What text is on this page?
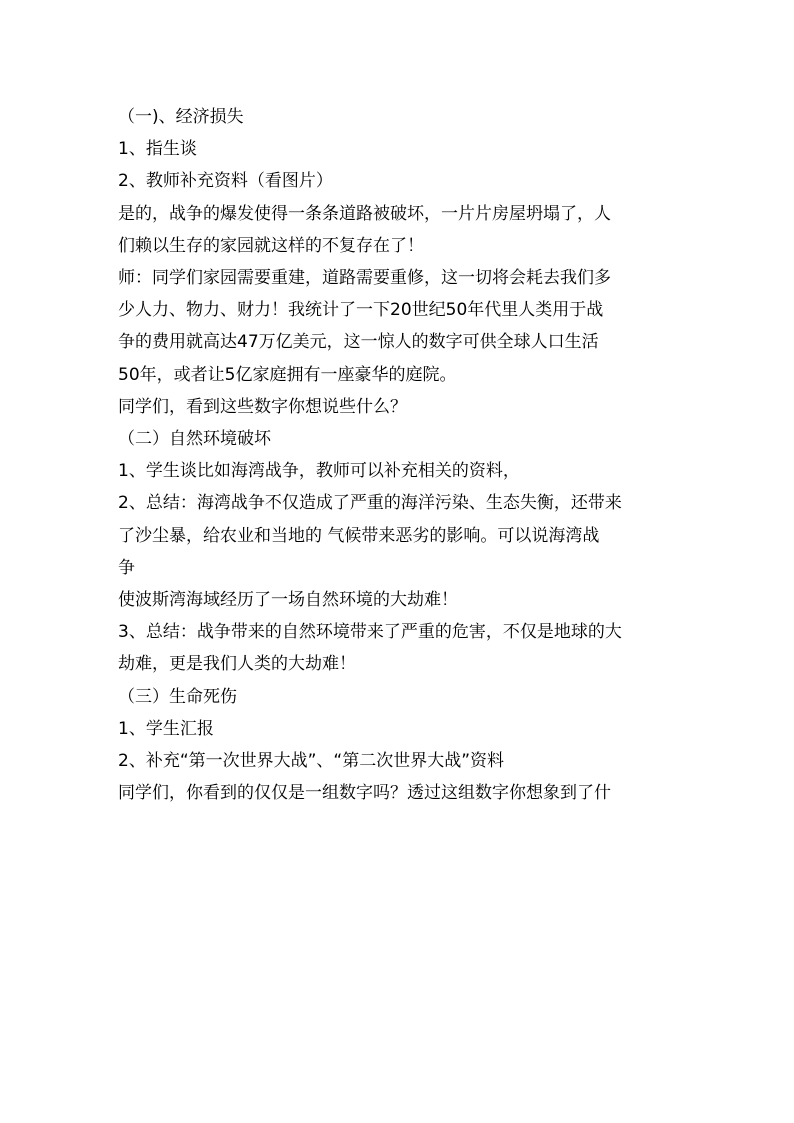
（一)、经济损失
1、指生谈
2、教师补充资料（看图片）
是的，战争的爆发使得一条条道路被破坏，一片片房屋坍塌了，人
们赖以生存的家园就这样的不复存在了！
师：同学们家园需要重建，道路需要重修，这一切将会耗去我们多
少人力、物力、财力！我统计了一下20世纪50年代里人类用于战
争的费用就高达47万亿美元，这一惊人的数字可供全球人口生活
50年，或者让5亿家庭拥有一座豪华的庭院。
同学们，看到这些数字你想说些什么？
（二）自然环境破坏
1、学生谈比如海湾战争，教师可以补充相关的资料，
2、总结：海湾战争不仅造成了严重的海洋污染、生态失衡，还带来
了沙尘暴，给农业和当地的 气候带来恶劣的影响。可以说海湾战
争
使波斯湾海域经历了一场自然环境的大劫难！
3、总结：战争带来的自然环境带来了严重的危害，不仅是地球的大
劫难，更是我们人类的大劫难！
（三）生命死伤
1、学生汇报
2、补充“第一次世界大战”、“第二次世界大战”资料
同学们，你看到的仅仅是一组数字吗？透过这组数字你想象到了什
